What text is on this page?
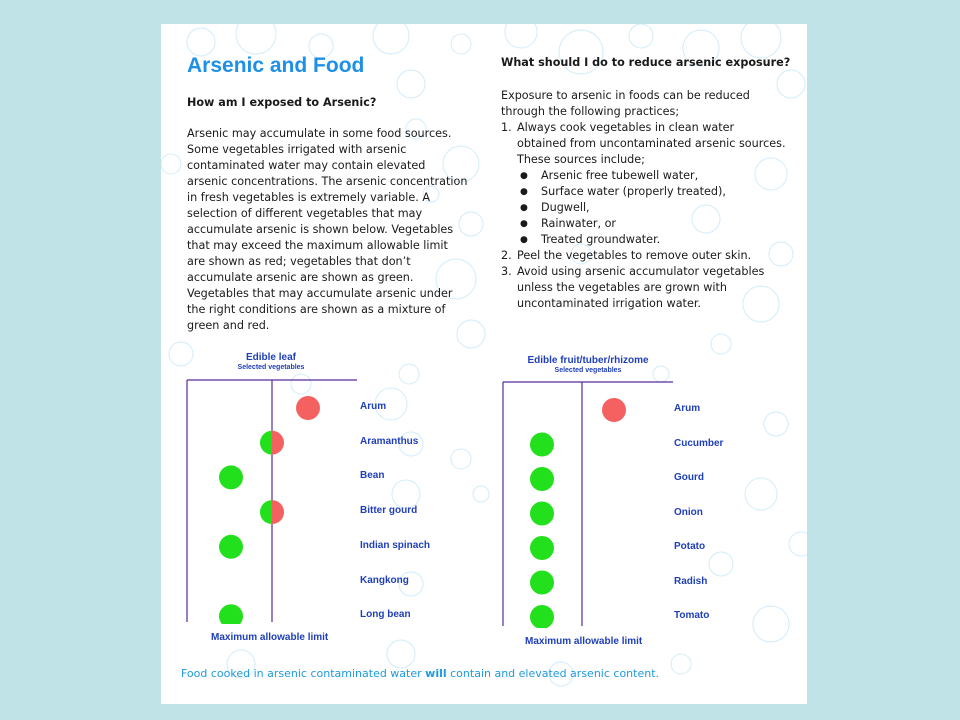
Arsenic and Food
How am I exposed to Arsenic?

Arsenic may accumulate in some food sources.

Some vegetables irrigated with arsenic

contaminated water may contain elevated

arsenic concentrations. The arsenic concentration

in fresh vegetables is extremely variable. A

selection of different vegetables that may

accumulate arsenic is shown below. Vegetables

that may exceed the maximum allowable limit

are shown as red; vegetables that don’t

accumulate arsenic are shown as green.

Vegetables that may accumulate arsenic under

the right conditions are shown as a mixture of

green and red.

What should I do to reduce arsenic exposure?
Exposure to arsenic in foods can be reduced
through the following practices;
1. Always cook vegetables in clean water
obtained from uncontaminated arsenic sources.
These sources include;
● Arsenic free tubewell water,
● Surface water (properly treated),
● Dugwell,
● Rainwater, or
● Treated groundwater.
2. Peel the vegetables to remove outer skin.
3. Avoid using arsenic accumulator vegetables
unless the vegetables are grown with
uncontaminated irrigation water.
Edible leaf
Selected vegetables
Arum
Aramanthus
Bean
Bitter gourd
Indian spinach
Kangkong
Long bean
Maximum allowable limit
Edible fruit/tuber/rhizome
Selected vegetables
Arum
Cucumber
Gourd
Onion
Potato
Radish
Tomato
Maximum allowable limit
Food cooked in arsenic contaminated water will contain and elevated arsenic content.
